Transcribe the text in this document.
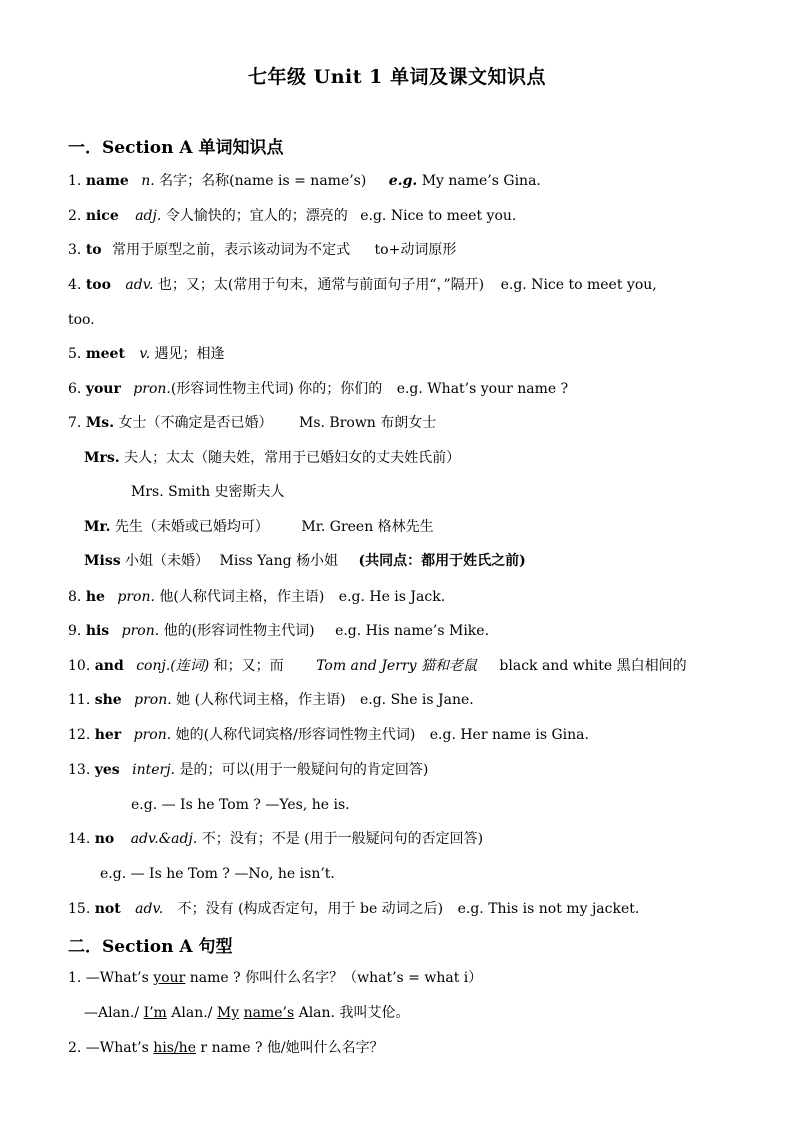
七年级 Unit 1 单词及课文知识点
一．Section A 单词知识点
1. name n. 名字；名称(name is = name’s) e.g. My name’s Gina.
2. nice adj. 令人愉快的；宜人的；漂亮的 e.g. Nice to meet you.
3. to 常用于原型之前，表示该动词为不定式 to+动词原形
4. too adv. 也；又；太(常用于句末，通常与前面句子用“，”隔开) e.g. Nice to meet you,
too.
5. meet v. 遇见；相逢
6. your pron.(形容词性物主代词) 你的；你们的 e.g. What’s your name ?
7. Ms. 女士（不确定是否已婚） Ms. Brown 布朗女士
Mrs. 夫人；太太（随夫姓，常用于已婚妇女的丈夫姓氏前）
Mrs. Smith 史密斯夫人
Mr. 先生（未婚或已婚均可） Mr. Green 格林先生
Miss 小姐（未婚） Miss Yang 杨小姐 (共同点：都用于姓氏之前)
8. he pron. 他(人称代词主格，作主语) e.g. He is Jack.
9. his pron. 他的(形容词性物主代词) e.g. His name’s Mike.
10. and conj.(连词) 和；又；而 Tom and Jerry 猫和老鼠 black and white 黑白相间的
11. she pron. 她 (人称代词主格，作主语) e.g. She is Jane.
12. her pron. 她的(人称代词宾格/形容词性物主代词) e.g. Her name is Gina.
13. yes interj. 是的；可以(用于一般疑问句的肯定回答)
e.g. — Is he Tom ? —Yes, he is.
14. no adv.&adj. 不；没有；不是 (用于一般疑问句的否定回答)
e.g. — Is he Tom ? —No, he isn’t.
15. not adv. 不；没有 (构成否定句，用于 be 动词之后) e.g. This is not my jacket.
二．Section A 句型
1. —What’s your name ? 你叫什么名字？（what’s = what i）
—Alan./ I’m Alan./ My name’s Alan. 我叫艾伦。
2. —What’s his/he r name ? 他/她叫什么名字？
